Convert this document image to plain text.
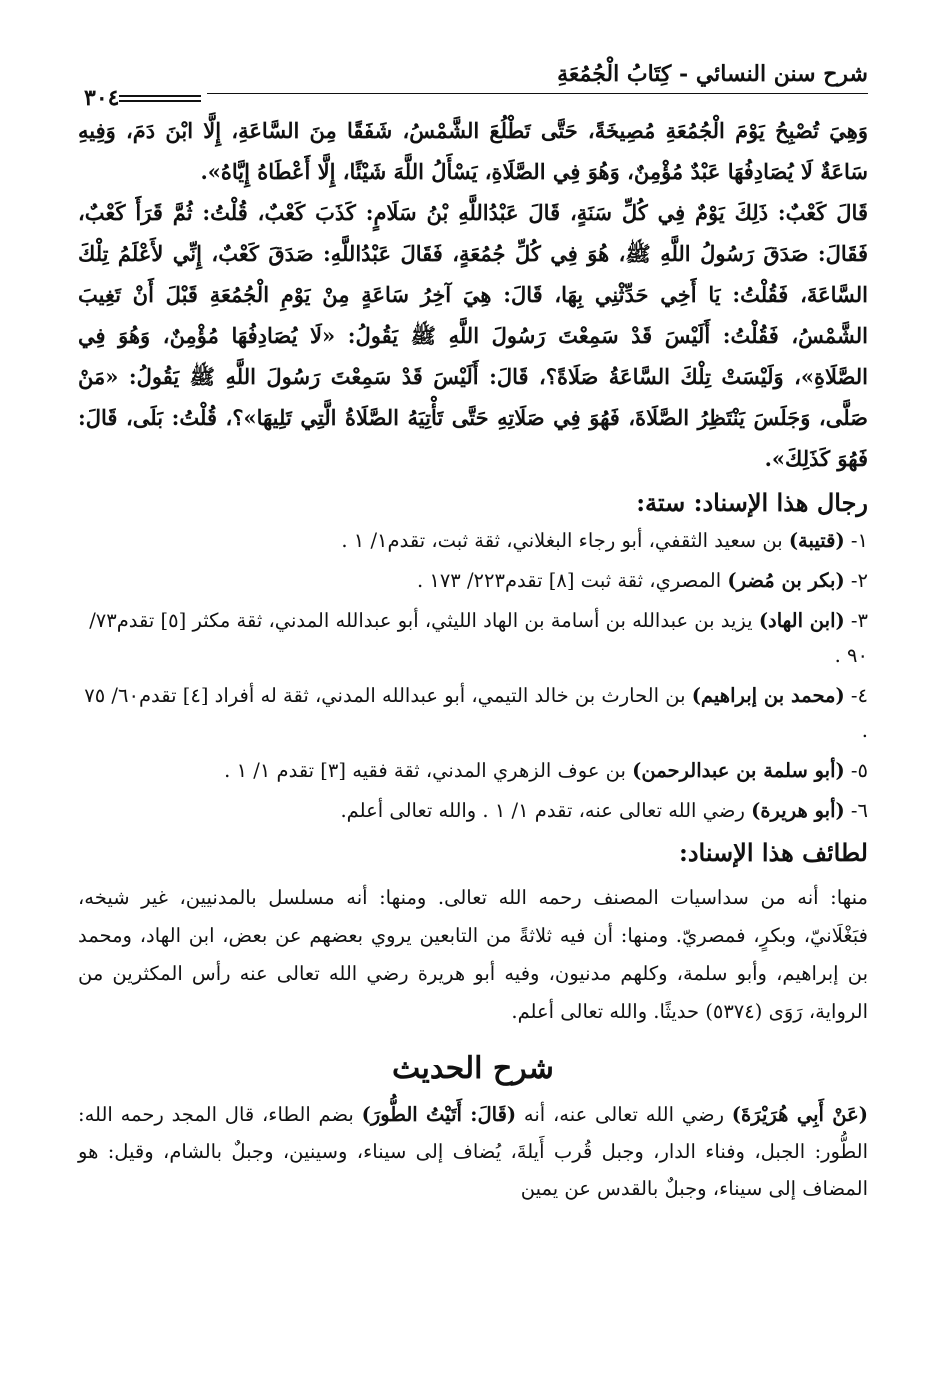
شرح سنن النسائي - كِتَابُ الْجُمُعَةِ
٣٠٤

وَهِيَ تُصْبِحُ يَوْمَ الْجُمُعَةِ مُصِيخَةً، حَتَّى تَطْلُعَ الشَّمْسُ، شَفَقًا مِنَ السَّاعَةِ، إِلَّا ابْنَ دَمَ، وَفِيهِ سَاعَةٌ لَا يُصَادِفُهَا عَبْدٌ مُؤْمِنٌ، وَهُوَ فِي الصَّلَاةِ، يَسْأَلُ اللَّهَ شَيْئًا، إِلَّا أَعْطَاهُ إِيَّاهُ».

قَالَ كَعْبٌ: ذَلِكَ يَوْمٌ فِي كُلِّ سَنَةٍ، قَالَ عَبْدُاللَّهِ بْنُ سَلَامٍ: كَذَبَ كَعْبٌ، قُلْتُ: ثُمَّ قَرَأَ كَعْبٌ، فَقَالَ: صَدَقَ رَسُولُ اللَّهِ ﷺ، هُوَ فِي كُلِّ جُمُعَةٍ، فَقَالَ عَبْدُاللَّهِ: صَدَقَ كَعْبٌ، إِنِّي لأَعْلَمُ تِلْكَ السَّاعَةَ، فَقُلْتُ: يَا أَخِي حَدِّثْنِي بِهَا، قَالَ: هِيَ آخِرُ سَاعَةٍ مِنْ يَوْمِ الْجُمُعَةِ قَبْلَ أَنْ تَغِيبَ الشَّمْسُ، فَقُلْتُ: أَلَيْسَ قَدْ سَمِعْتَ رَسُولَ اللَّهِ ﷺ يَقُولُ: «لَا يُصَادِفُهَا مُؤْمِنٌ، وَهُوَ فِي الصَّلَاةِ»، وَلَيْسَتْ تِلْكَ السَّاعَةُ صَلَاةً؟، قَالَ: أَلَيْسَ قَدْ سَمِعْتَ رَسُولَ اللَّهِ ﷺ يَقُولُ: «مَنْ صَلَّى، وَجَلَسَ يَنْتَظِرُ الصَّلَاةَ، فَهُوَ فِي صَلَاتِهِ حَتَّى تَأْتِيَهُ الصَّلَاةُ الَّتِي تَلِيهَا»؟، قُلْتُ: بَلَى، قَالَ: فَهُوَ كَذَلِكَ».

رجال هذا الإسناد: ستة:

١- (قتيبة) بن سعيد الثقفي، أبو رجاء البغلاني، ثقة ثبت، تقدم١/ ١ .

٢- (بكر بن مُضر) المصري، ثقة ثبت [٨] تقدم٢٢٣/ ١٧٣ .

٣- (ابن الهاد) يزيد بن عبدالله بن أسامة بن الهاد الليثي، أبو عبدالله المدني، ثقة مكثر [٥] تقدم٧٣/ ٩٠ .

٤- (محمد بن إبراهيم) بن الحارث بن خالد التيمي، أبو عبدالله المدني، ثقة له أفراد [٤] تقدم٦٠/ ٧٥ .

٥- (أبو سلمة بن عبدالرحمن) بن عوف الزهري المدني، ثقة فقيه [٣] تقدم ١/ ١ .

٦- (أبو هريرة) رضي الله تعالى عنه، تقدم ١/ ١ . والله تعالى أعلم.

لطائف هذا الإسناد:

منها: أنه من سداسيات المصنف رحمه الله تعالى. ومنها: أنه مسلسل بالمدنيين، غير شيخه، فبَغْلَانيّ، وبكرٍ، فمصريّ. ومنها: أن فيه ثلاثةً من التابعين يروي بعضهم عن بعض، ابن الهاد، ومحمد بن إبراهيم، وأبو سلمة، وكلهم مدنيون، وفيه أبو هريرة رضي الله تعالى عنه رأس المكثرين من الرواية، رَوَى (٥٣٧٤) حديثًا. والله تعالى أعلم.

شرح الحديث

(عَنْ أَبِي هُرَيْرَةَ) رضي الله تعالى عنه، أنه (قَالَ: أَتَيْتُ الطُّورَ) بضم الطاء، قال المجد رحمه الله: الطُّور: الجبل، وفناء الدار، وجبل قُرب أَيلةَ، يُضاف إلى سيناء، وسينين، وجبلٌ بالشام، وقيل: هو المضاف إلى سيناء، وجبلٌ بالقدس عن يمين
